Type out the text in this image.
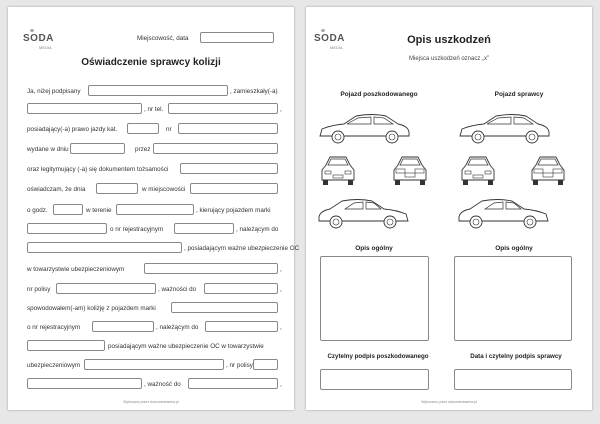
SODA
MEDIA
Miejscowość, data
Oświadczenie sprawcy kolizji
Ja, niżej podpisany	, zamieszkały(-a)
, nr tel.	,
posiadający(-a) prawo jazdy kat.	nr
wydane w dniu	przez
oraz legitymujący (-a) się dokumentem tożsamości
oświadczam, że dnia	w miejscowości
o godz.	w terenie	, kierujący pojazdem marki
o nr rejestracyjnym	, należącym do
, posiadającym ważne ubezpieczenie OC
w towarzystwie ubezpieczeniowym	,
nr polisy	, ważności do	,
spowodowałem(-am) kolizję z pojazdem marki
o nr rejestracyjnym	, należącym do	,
posiadającym ważne ubezpieczenie OC w towarzystwie
ubezpieczeniowym	, nr polisy
, ważność do	,
Wykonano przez dokumentoseria.pl
SODA
MEDIA
Opis uszkodzeń
Miejsca uszkodzeń oznacz „x”
Pojazd poszkodowanego	Pojazd sprawcy
Opis ogólny	Opis ogólny
Czytelny podpis poszkodowanego	Data i czytelny podpis sprawcy
Wykonano przez dokumentoseria.pl
